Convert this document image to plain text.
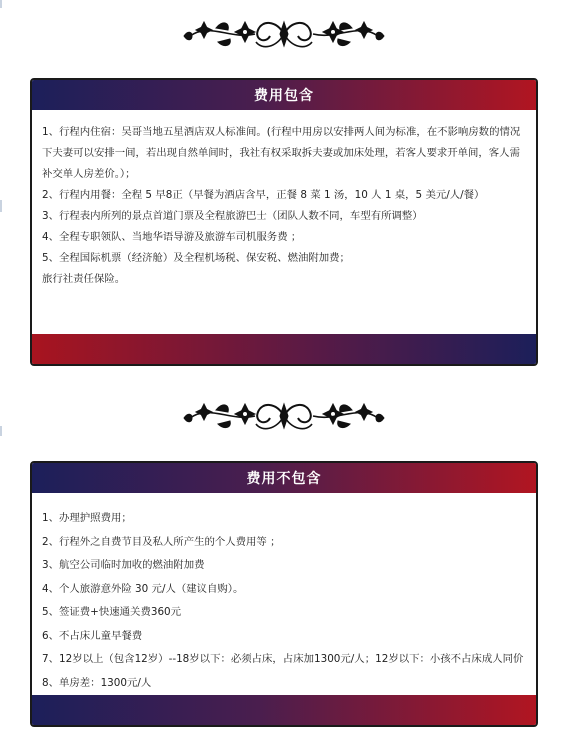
费用包含

1、行程内住宿：吴哥当地五星酒店双人标准间。(行程中用房以安排两人间为标准，在不影响房数的情况下夫妻可以安排一间，若出现自然单间时，我社有权采取拆夫妻或加床处理，若客人要求开单间，客人需补交单人房差价。）；

2、行程内用餐：全程 5 早8正（早餐为酒店含早，正餐 8 菜 1 汤，10 人 1 桌，5 美元/人/餐）

3、行程表内所列的景点首道门票及全程旅游巴士（团队人数不同，车型有所调整）

4、全程专职领队、当地华语导游及旅游车司机服务费 ；

5、全程国际机票（经济舱）及全程机场税、保安税、燃油附加费；

旅行社责任保险。

费用不包含

1、办理护照费用；

2、行程外之自费节目及私人所产生的个人费用等 ；

3、航空公司临时加收的燃油附加费

4、个人旅游意外险 30 元/人（建议自购）。

5、签证费+快速通关费360元

6、不占床儿童早餐费

7、12岁以上（包含12岁）--18岁以下：必须占床，占床加1300元/人；12岁以下：小孩不占床成人同价

8、单房差：1300元/人
